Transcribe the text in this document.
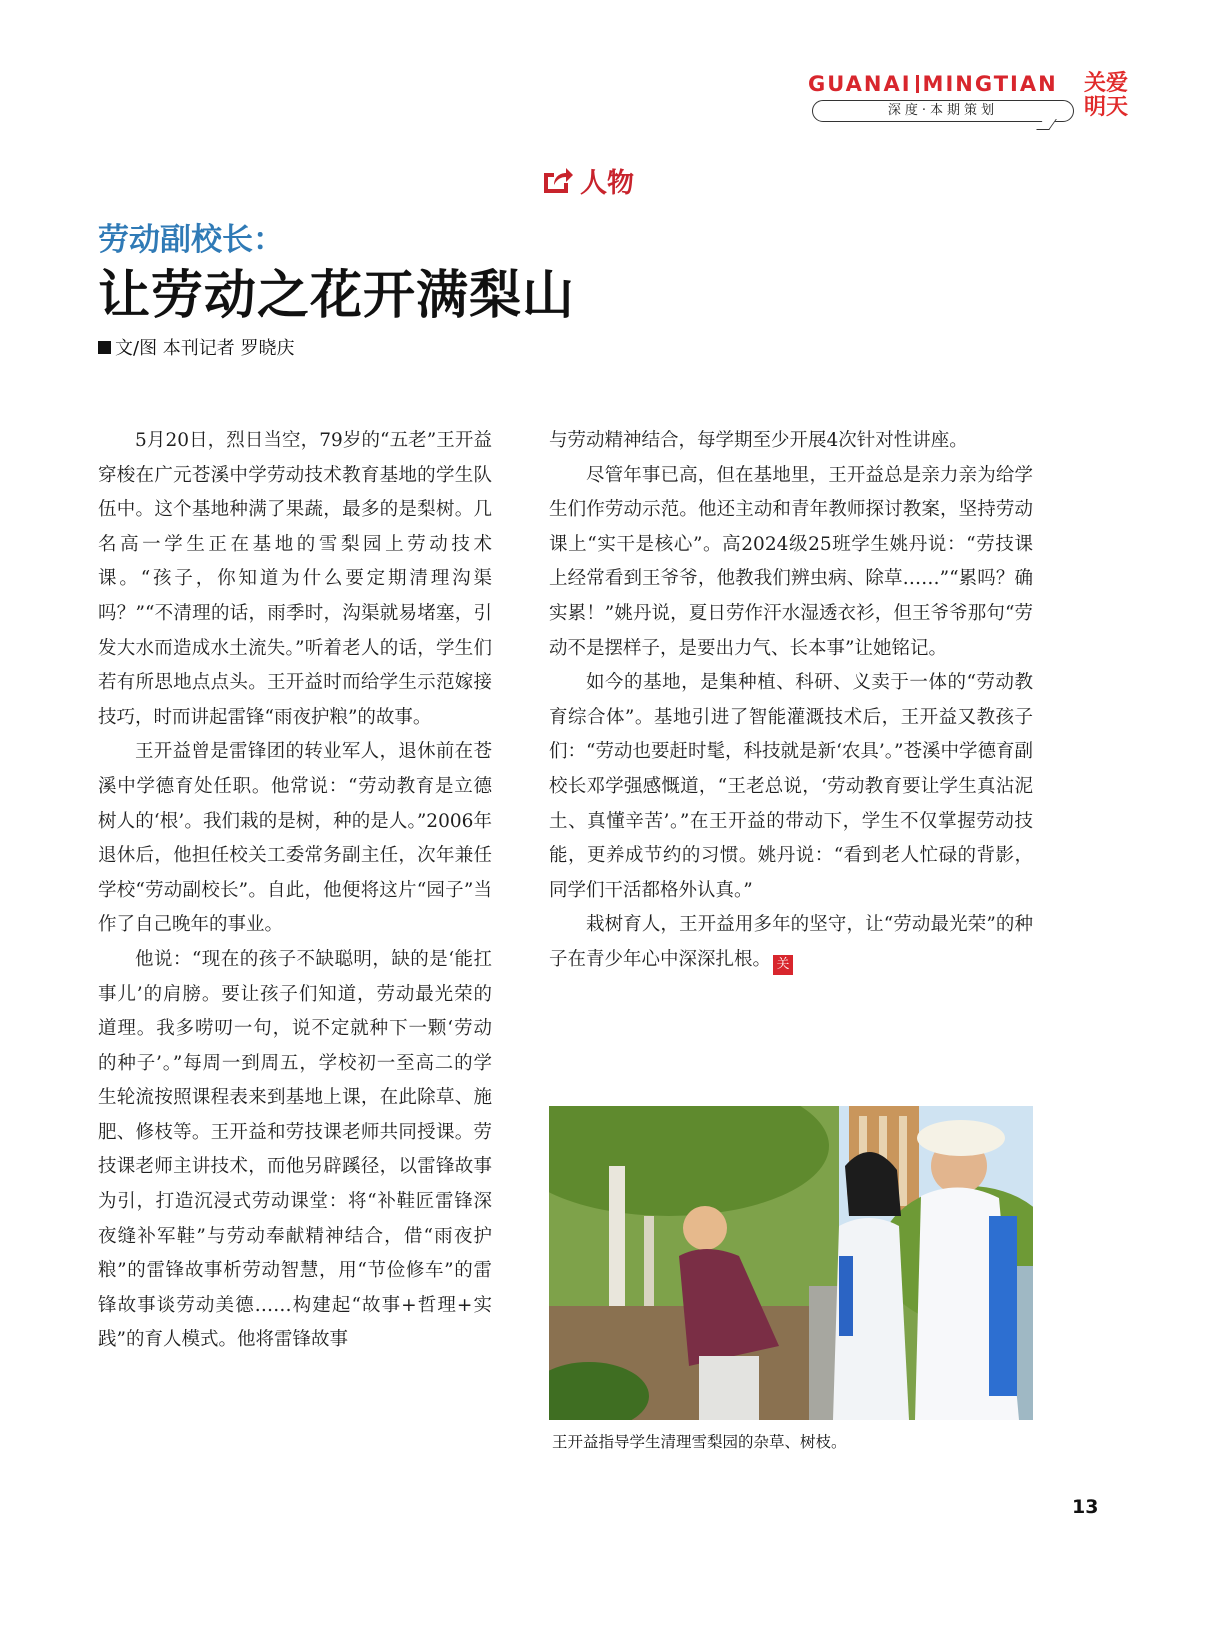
GUANAI MINGTIAN
深度·本期策划
关爱
明天
人物
劳动副校长：
让劳动之花开满梨山
文/图 本刊记者 罗晓庆

5月20日，烈日当空，79岁的“五老”王开益穿梭在广元苍溪中学劳动技术教育基地的学生队伍中。这个基地种满了果蔬，最多的是梨树。几名高一学生正在基地的雪梨园上劳动技术课。“孩子，你知道为什么要定期清理沟渠吗？”“不清理的话，雨季时，沟渠就易堵塞，引发大水而造成水土流失。”听着老人的话，学生们若有所思地点点头。王开益时而给学生示范嫁接技巧，时而讲起雷锋“雨夜护粮”的故事。

王开益曾是雷锋团的转业军人，退休前在苍溪中学德育处任职。他常说：“劳动教育是立德树人的‘根’。我们栽的是树，种的是人。”2006年退休后，他担任校关工委常务副主任，次年兼任学校“劳动副校长”。自此，他便将这片“园子”当作了自己晚年的事业。

他说：“现在的孩子不缺聪明，缺的是‘能扛事儿’的肩膀。要让孩子们知道，劳动最光荣的道理。我多唠叨一句，说不定就种下一颗‘劳动的种子’。”每周一到周五，学校初一至高二的学生轮流按照课程表来到基地上课，在此除草、施肥、修枝等。王开益和劳技课老师共同授课。劳技课老师主讲技术，而他另辟蹊径，以雷锋故事为引，打造沉浸式劳动课堂：将“补鞋匠雷锋深夜缝补军鞋”与劳动奉献精神结合，借“雨夜护粮”的雷锋故事析劳动智慧，用“节俭修车”的雷锋故事谈劳动美德……构建起“故事+哲理+实践”的育人模式。他将雷锋故事

与劳动精神结合，每学期至少开展4次针对性讲座。

尽管年事已高，但在基地里，王开益总是亲力亲为给学生们作劳动示范。他还主动和青年教师探讨教案，坚持劳动课上“实干是核心”。高2024级25班学生姚丹说：“劳技课上经常看到王爷爷，他教我们辨虫病、除草……”“累吗？确实累！”姚丹说，夏日劳作汗水湿透衣衫，但王爷爷那句“劳动不是摆样子，是要出力气、长本事”让她铭记。

如今的基地，是集种植、科研、义卖于一体的“劳动教育综合体”。基地引进了智能灌溉技术后，王开益又教孩子们：“劳动也要赶时髦，科技就是新‘农具’。”苍溪中学德育副校长邓学强感慨道，“王老总说，‘劳动教育要让学生真沾泥土、真懂辛苦’。”在王开益的带动下，学生不仅掌握劳动技能，更养成节约的习惯。姚丹说：“看到老人忙碌的背影，同学们干活都格外认真。”

栽树育人，王开益用多年的坚守，让“劳动最光荣”的种子在青少年心中深深扎根。 关

王开益指导学生清理雪梨园的杂草、树枝。
13
